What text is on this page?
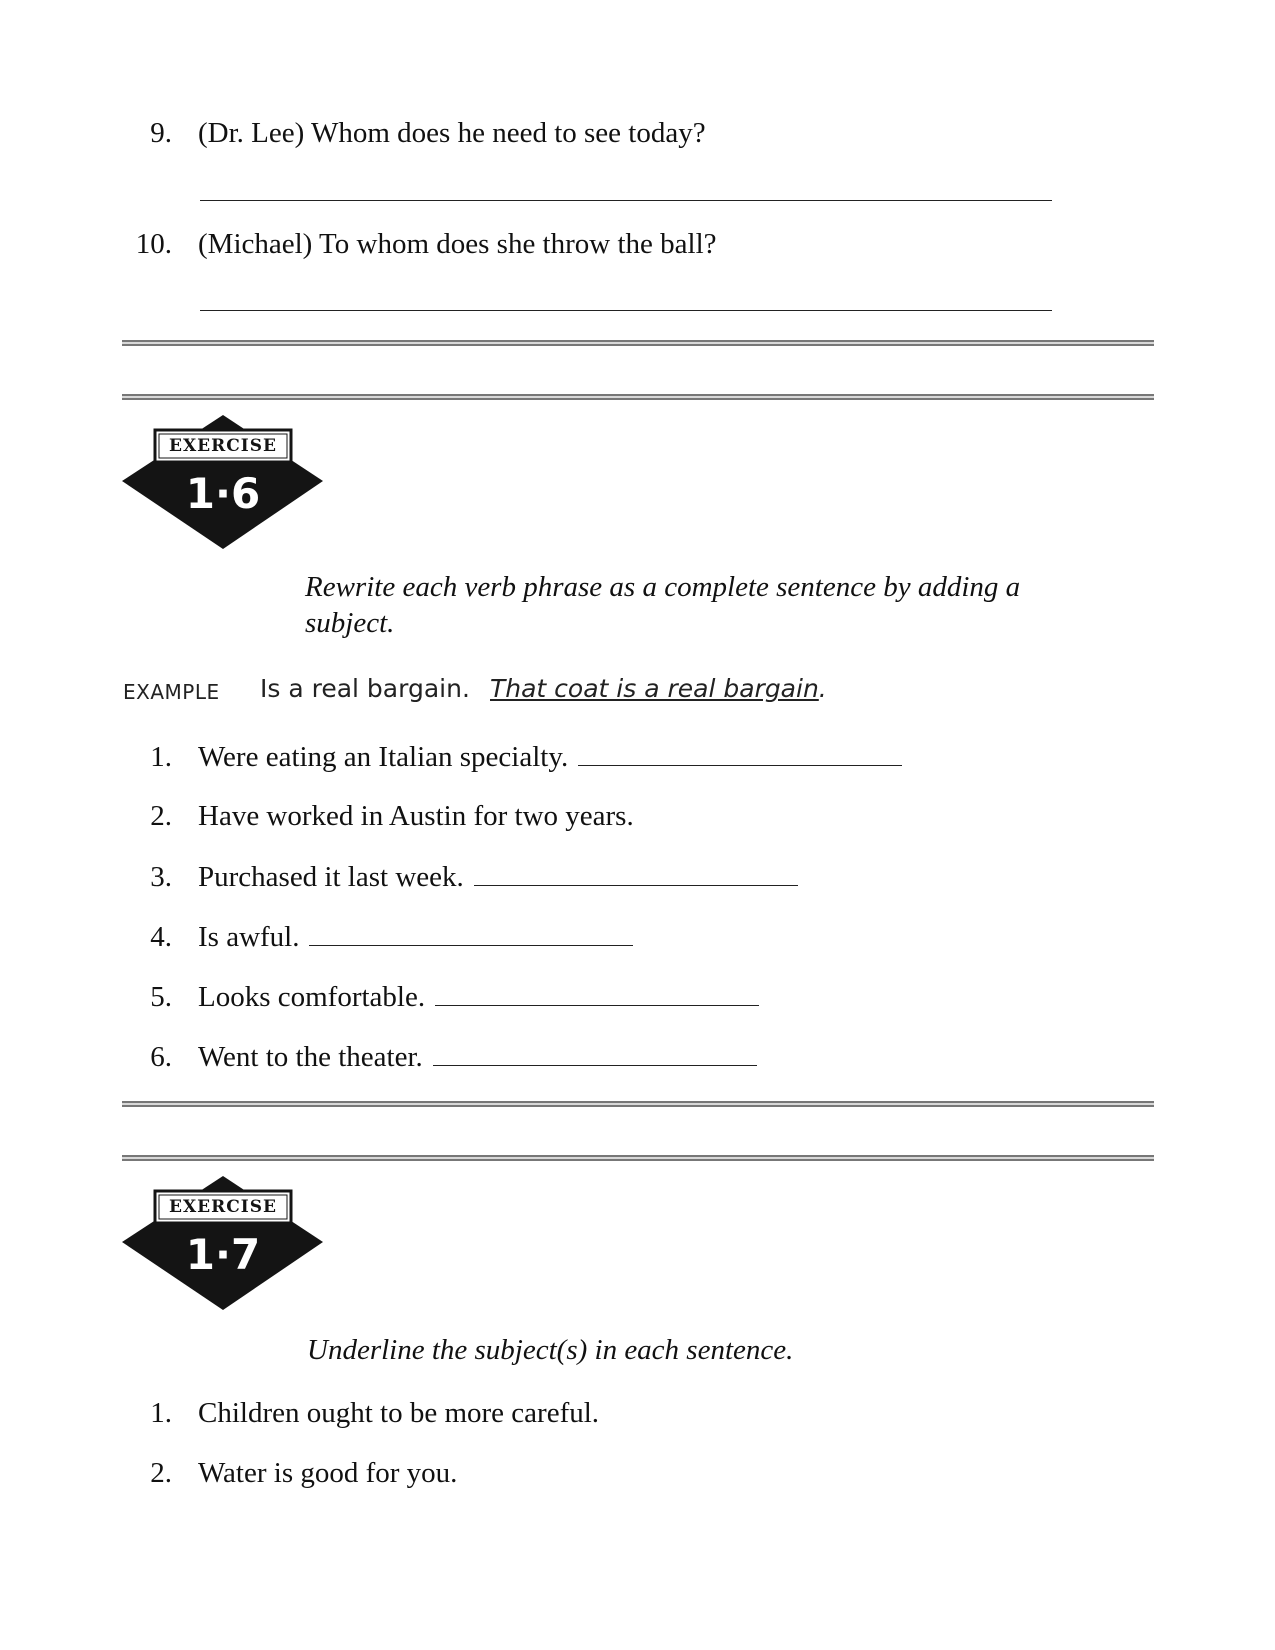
9. (Dr. Lee) Whom does he need to see today?
10. (Michael) To whom does she throw the ball?
EXERCISE
1·6
Rewrite each verb phrase as a complete sentence by adding a
subject.
EXAMPLE Is a real bargain. That coat is a real bargain.
1. Were eating an Italian specialty.
2. Have worked in Austin for two years.
3. Purchased it last week.
4. Is awful.
5. Looks comfortable.
6. Went to the theater.
EXERCISE
1·7
Underline the subject(s) in each sentence.
1. Children ought to be more careful.
2. Water is good for you.
